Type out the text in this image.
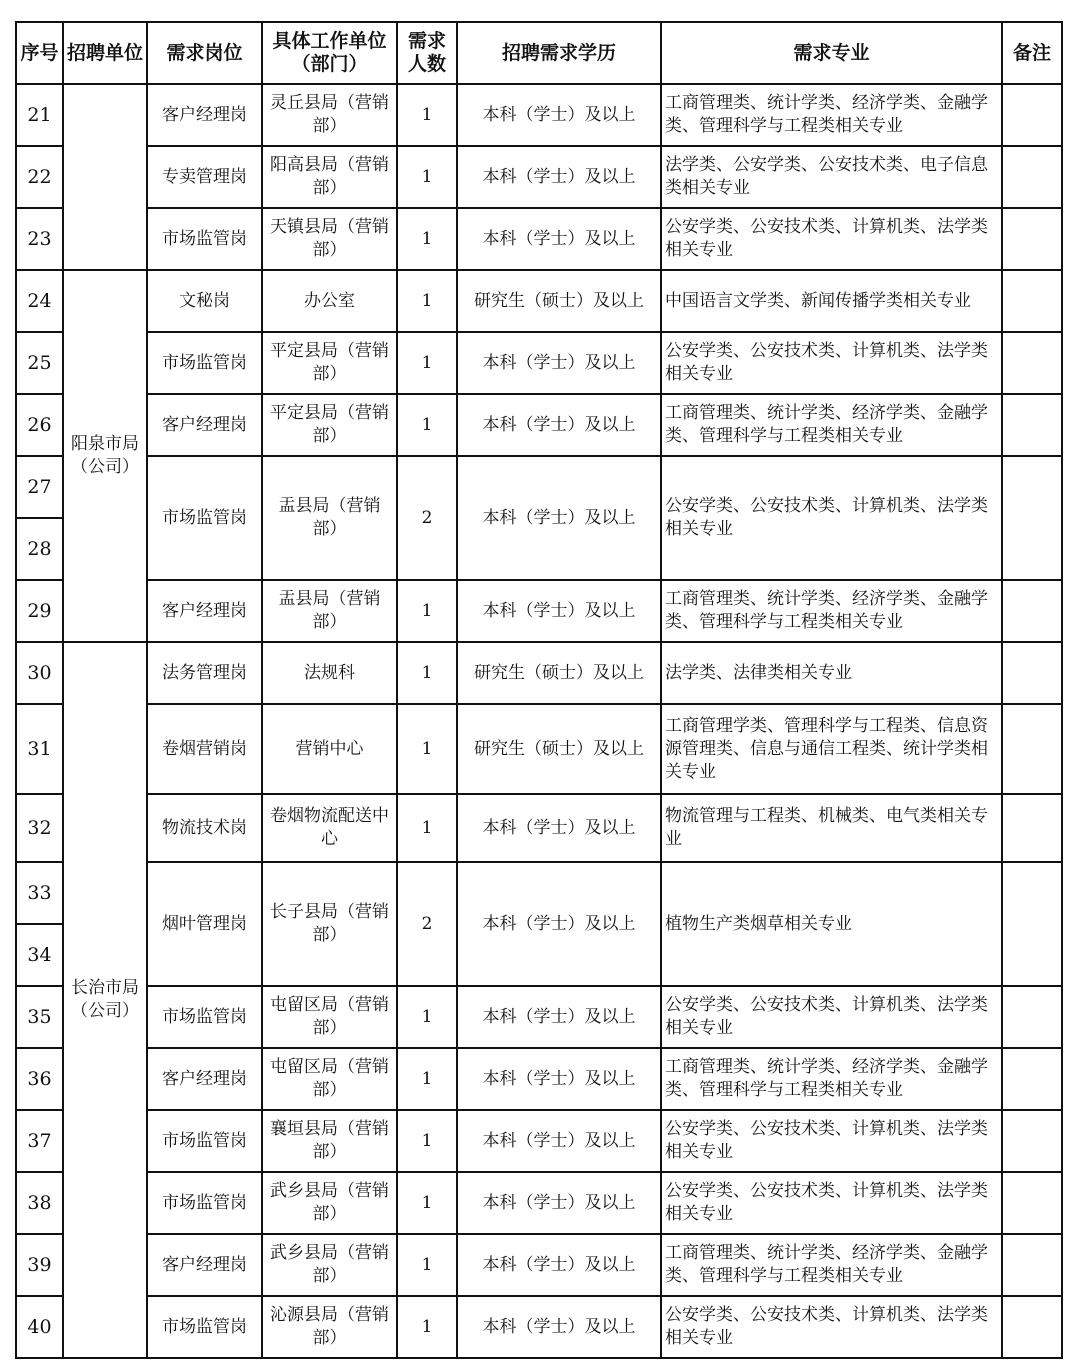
序号	招聘单位	需求岗位	具体工作单位（部门）	需求人数	招聘需求学历	需求专业	备注
21		客户经理岗	灵丘县局（营销部）	1	本科（学士）及以上	工商管理类、统计学类、经济学类、金融学类、管理科学与工程类相关专业	
22		专卖管理岗	阳高县局（营销部）	1	本科（学士）及以上	法学类、公安学类、公安技术类、电子信息类相关专业	
23		市场监管岗	天镇县局（营销部）	1	本科（学士）及以上	公安学类、公安技术类、计算机类、法学类相关专业	
24	阳泉市局（公司）	文秘岗	办公室	1	研究生（硕士）及以上	中国语言文学类、新闻传播学类相关专业	
25		市场监管岗	平定县局（营销部）	1	本科（学士）及以上	公安学类、公安技术类、计算机类、法学类相关专业	
26		客户经理岗	平定县局（营销部）	1	本科（学士）及以上	工商管理类、统计学类、经济学类、金融学类、管理科学与工程类相关专业	
27		市场监管岗	盂县局（营销部）	2	本科（学士）及以上	公安学类、公安技术类、计算机类、法学类相关专业	
28							
29		客户经理岗	盂县局（营销部）	1	本科（学士）及以上	工商管理类、统计学类、经济学类、金融学类、管理科学与工程类相关专业	
30	长治市局（公司）	法务管理岗	法规科	1	研究生（硕士）及以上	法学类、法律类相关专业	
31		卷烟营销岗	营销中心	1	研究生（硕士）及以上	工商管理学类、管理科学与工程类、信息资源管理类、信息与通信工程类、统计学类相关专业	
32		物流技术岗	卷烟物流配送中心	1	本科（学士）及以上	物流管理与工程类、机械类、电气类相关专业	
33		烟叶管理岗	长子县局（营销部）	2	本科（学士）及以上	植物生产类烟草相关专业	
34							
35		市场监管岗	屯留区局（营销部）	1	本科（学士）及以上	公安学类、公安技术类、计算机类、法学类相关专业	
36		客户经理岗	屯留区局（营销部）	1	本科（学士）及以上	工商管理类、统计学类、经济学类、金融学类、管理科学与工程类相关专业	
37		市场监管岗	襄垣县局（营销部）	1	本科（学士）及以上	公安学类、公安技术类、计算机类、法学类相关专业	
38		市场监管岗	武乡县局（营销部）	1	本科（学士）及以上	公安学类、公安技术类、计算机类、法学类相关专业	
39		客户经理岗	武乡县局（营销部）	1	本科（学士）及以上	工商管理类、统计学类、经济学类、金融学类、管理科学与工程类相关专业	
40		市场监管岗	沁源县局（营销部）	1	本科（学士）及以上	公安学类、公安技术类、计算机类、法学类相关专业	
